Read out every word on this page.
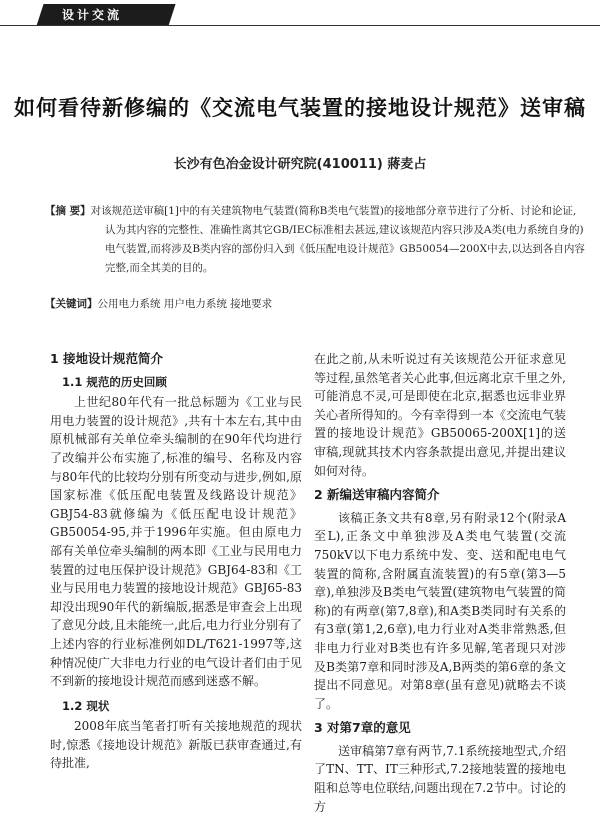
设计交流
如何看待新修编的《交流电气装置的接地设计规范》送审稿
长沙有色冶金设计研究院(410011) 蔣麦占
【摘 要】对该规范送审稿[1]中的有关建筑物电气装置(简称B类电气装置)的接地部分章节进行了分析、讨论和论证,认为其内容的完整性、准确性离其它GB/IEC标准相去甚远,建议该规范内容只涉及A类(电力系统自身的)电气装置,而将涉及B类内容的部份归入到《低压配电设计规范》GB50054—200X中去,以达到各自内容完整,而全其美的目的。
【关键词】公用电力系统 用户电力系统 接地要求
1 接地设计规范简介
1.1 规范的历史回顾
上世纪80年代有一批总标题为《工业与民用电力装置的设计规范》,共有十本左右,其中由原机械部有关单位牵头编制的在90年代均进行了改编并公布实施了,标准的编号、名称及内容与80年代的比较均分别有所变动与进步,例如,原国家标准《低压配电装置及线路设计规范》GBJ54-83就修编为《低压配电设计规范》GB50054-95,并于1996年实施。但由原电力部有关单位牵头编制的两本即《工业与民用电力装置的过电压保护设计规范》GBJ64-83和《工业与民用电力装置的接地设计规范》GBJ65-83却没出现90年代的新编版,据悉是审查会上出现了意见分歧,且未能统一,此后,电力行业分别有了上述内容的行业标准例如DL/T621-1997等,这种情况使广大非电力行业的电气设计者们由于见不到新的接地设计规范而感到迷惑不解。
1.2 现状
2008年底当笔者打听有关接地规范的现状时,惊悉《接地设计规范》新版已获审查通过,有待批准,
在此之前,从未听说过有关该规范公开征求意见等过程,虽然笔者关心此事,但远离北京千里之外,可能消息不灵,可是即使在北京,据悉也远非业界关心者所得知的。今有幸得到一本《交流电气装置的接地设计规范》GB50065-200X[1]的送审稿,现就其技术内容条款提出意见,并提出建议如何对待。
2 新编送审稿内容简介
该稿正条文共有8章,另有附录12个(附录A至L),正条文中单独涉及A类电气装置(交流750kV以下电力系统中发、变、送和配电电气装置的简称,含附属直流装置)的有5章(第3—5章),单独涉及B类电气装置(建筑物电气装置的简称)的有两章(第7,8章),和A类B类同时有关系的有3章(第1,2,6章),电力行业对A类非常熟悉,但非电力行业对B类也有许多见解,笔者现只对涉及B类第7章和同时涉及A,B两类的第6章的条文提出不同意见。对第8章(虽有意见)就略去不谈了。
3 对第7章的意见
送审稿第7章有两节,7.1系统接地型式,介绍了TN、TT、IT三种形式,7.2接地装置的接地电阻和总等电位联结,问题出现在7.2节中。讨论的方
